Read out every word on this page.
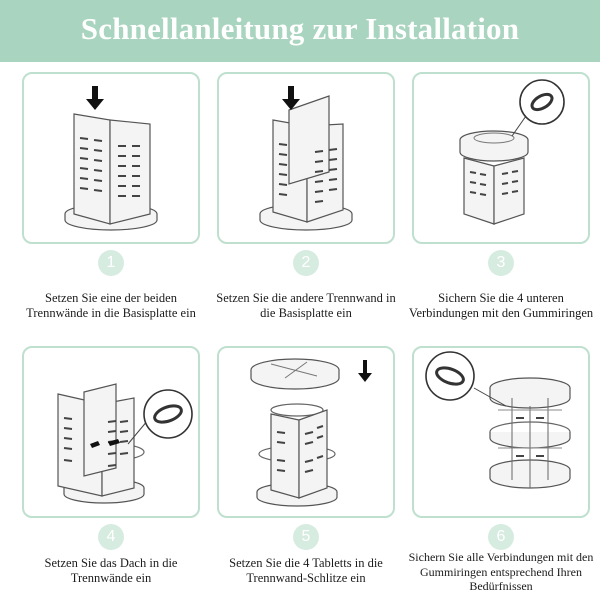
Schnellanleitung zur Installation
1	2	3
4	5	6
Setzen Sie eine der beiden
Trennwände in die Basisplatte ein
Setzen Sie die andere Trennwand in
die Basisplatte ein
Sichern Sie die 4 unteren
Verbindungen mit den Gummiringen
Setzen Sie das Dach in die
Trennwände ein
Setzen Sie die 4 Tabletts in die
Trennwand-Schlitze ein
Sichern Sie alle Verbindungen mit den
Gummiringen entsprechend Ihren
Bedürfnissen
